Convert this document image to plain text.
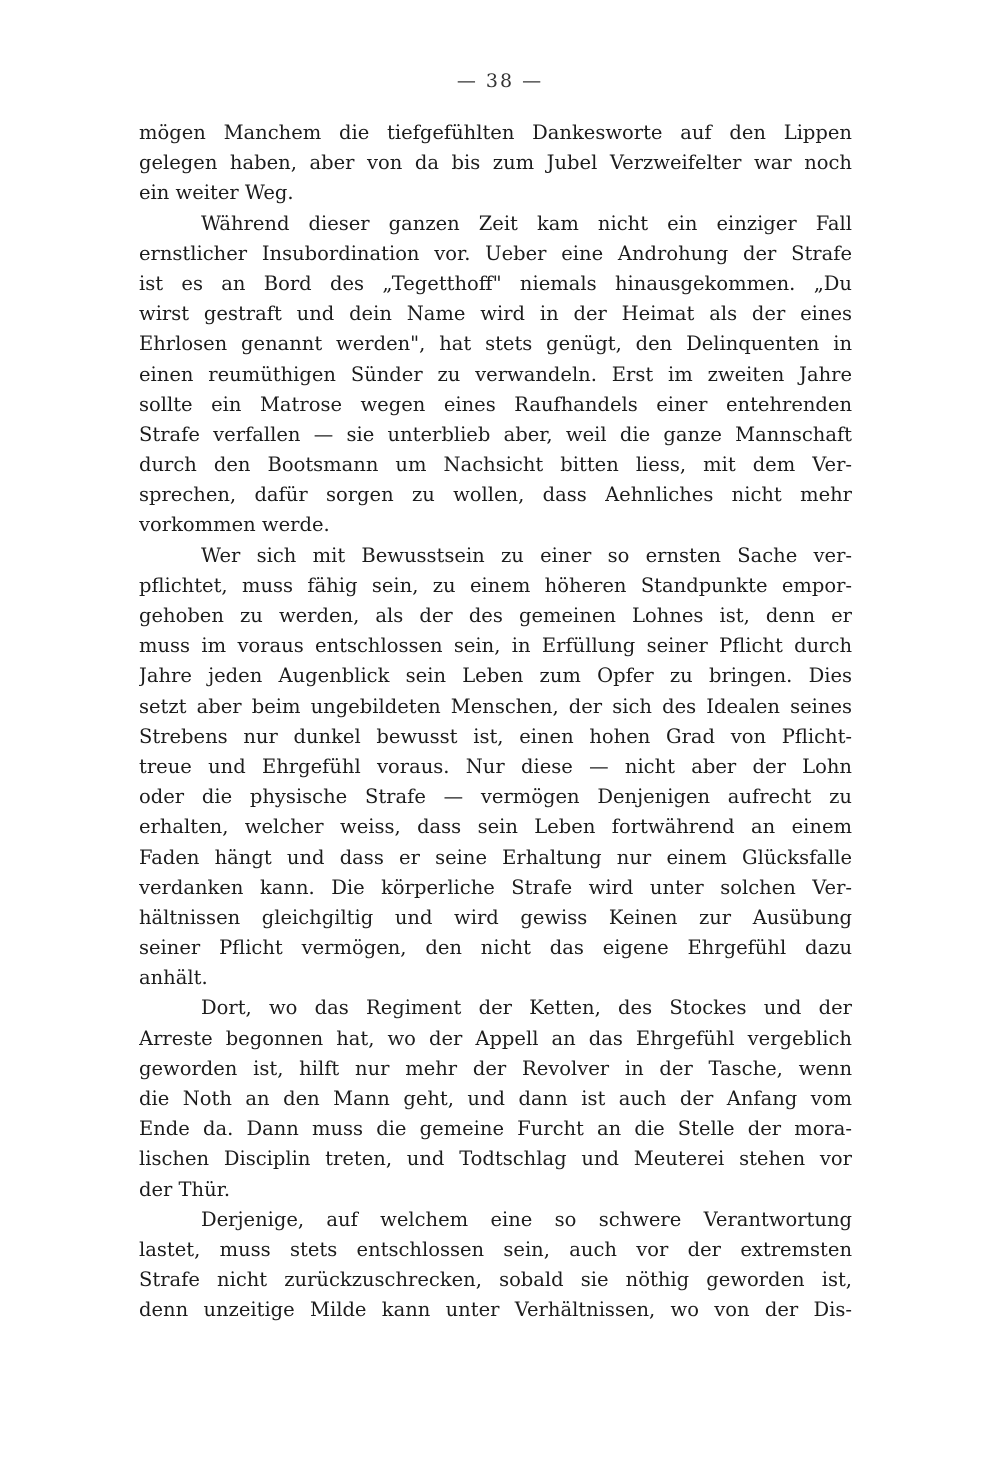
— 38 —
mögen Manchem die tiefgefühlten Dankesworte auf den Lippen
gelegen haben, aber von da bis zum Jubel Verzweifelter war noch
ein weiter Weg.
Während dieser ganzen Zeit kam nicht ein einziger Fall
ernstlicher Insubordination vor. Ueber eine Androhung der Strafe
ist es an Bord des „Tegetthoff" niemals hinausgekommen. „Du
wirst gestraft und dein Name wird in der Heimat als der eines
Ehrlosen genannt werden", hat stets genügt, den Delinquenten in
einen reumüthigen Sünder zu verwandeln. Erst im zweiten Jahre
sollte ein Matrose wegen eines Raufhandels einer entehrenden
Strafe verfallen — sie unterblieb aber, weil die ganze Mannschaft
durch den Bootsmann um Nachsicht bitten liess, mit dem Ver-
sprechen, dafür sorgen zu wollen, dass Aehnliches nicht mehr
vorkommen werde.
Wer sich mit Bewusstsein zu einer so ernsten Sache ver-
pflichtet, muss fähig sein, zu einem höheren Standpunkte empor-
gehoben zu werden, als der des gemeinen Lohnes ist, denn er
muss im voraus entschlossen sein, in Erfüllung seiner Pflicht durch
Jahre jeden Augenblick sein Leben zum Opfer zu bringen. Dies
setzt aber beim ungebildeten Menschen, der sich des Idealen seines
Strebens nur dunkel bewusst ist, einen hohen Grad von Pflicht-
treue und Ehrgefühl voraus. Nur diese — nicht aber der Lohn
oder die physische Strafe — vermögen Denjenigen aufrecht zu
erhalten, welcher weiss, dass sein Leben fortwährend an einem
Faden hängt und dass er seine Erhaltung nur einem Glücksfalle
verdanken kann. Die körperliche Strafe wird unter solchen Ver-
hältnissen gleichgiltig und wird gewiss Keinen zur Ausübung
seiner Pflicht vermögen, den nicht das eigene Ehrgefühl dazu
anhält.
Dort, wo das Regiment der Ketten, des Stockes und der
Arreste begonnen hat, wo der Appell an das Ehrgefühl vergeblich
geworden ist, hilft nur mehr der Revolver in der Tasche, wenn
die Noth an den Mann geht, und dann ist auch der Anfang vom
Ende da. Dann muss die gemeine Furcht an die Stelle der mora-
lischen Disciplin treten, und Todtschlag und Meuterei stehen vor
der Thür.
Derjenige, auf welchem eine so schwere Verantwortung
lastet, muss stets entschlossen sein, auch vor der extremsten
Strafe nicht zurückzuschrecken, sobald sie nöthig geworden ist,
denn unzeitige Milde kann unter Verhältnissen, wo von der Dis-
